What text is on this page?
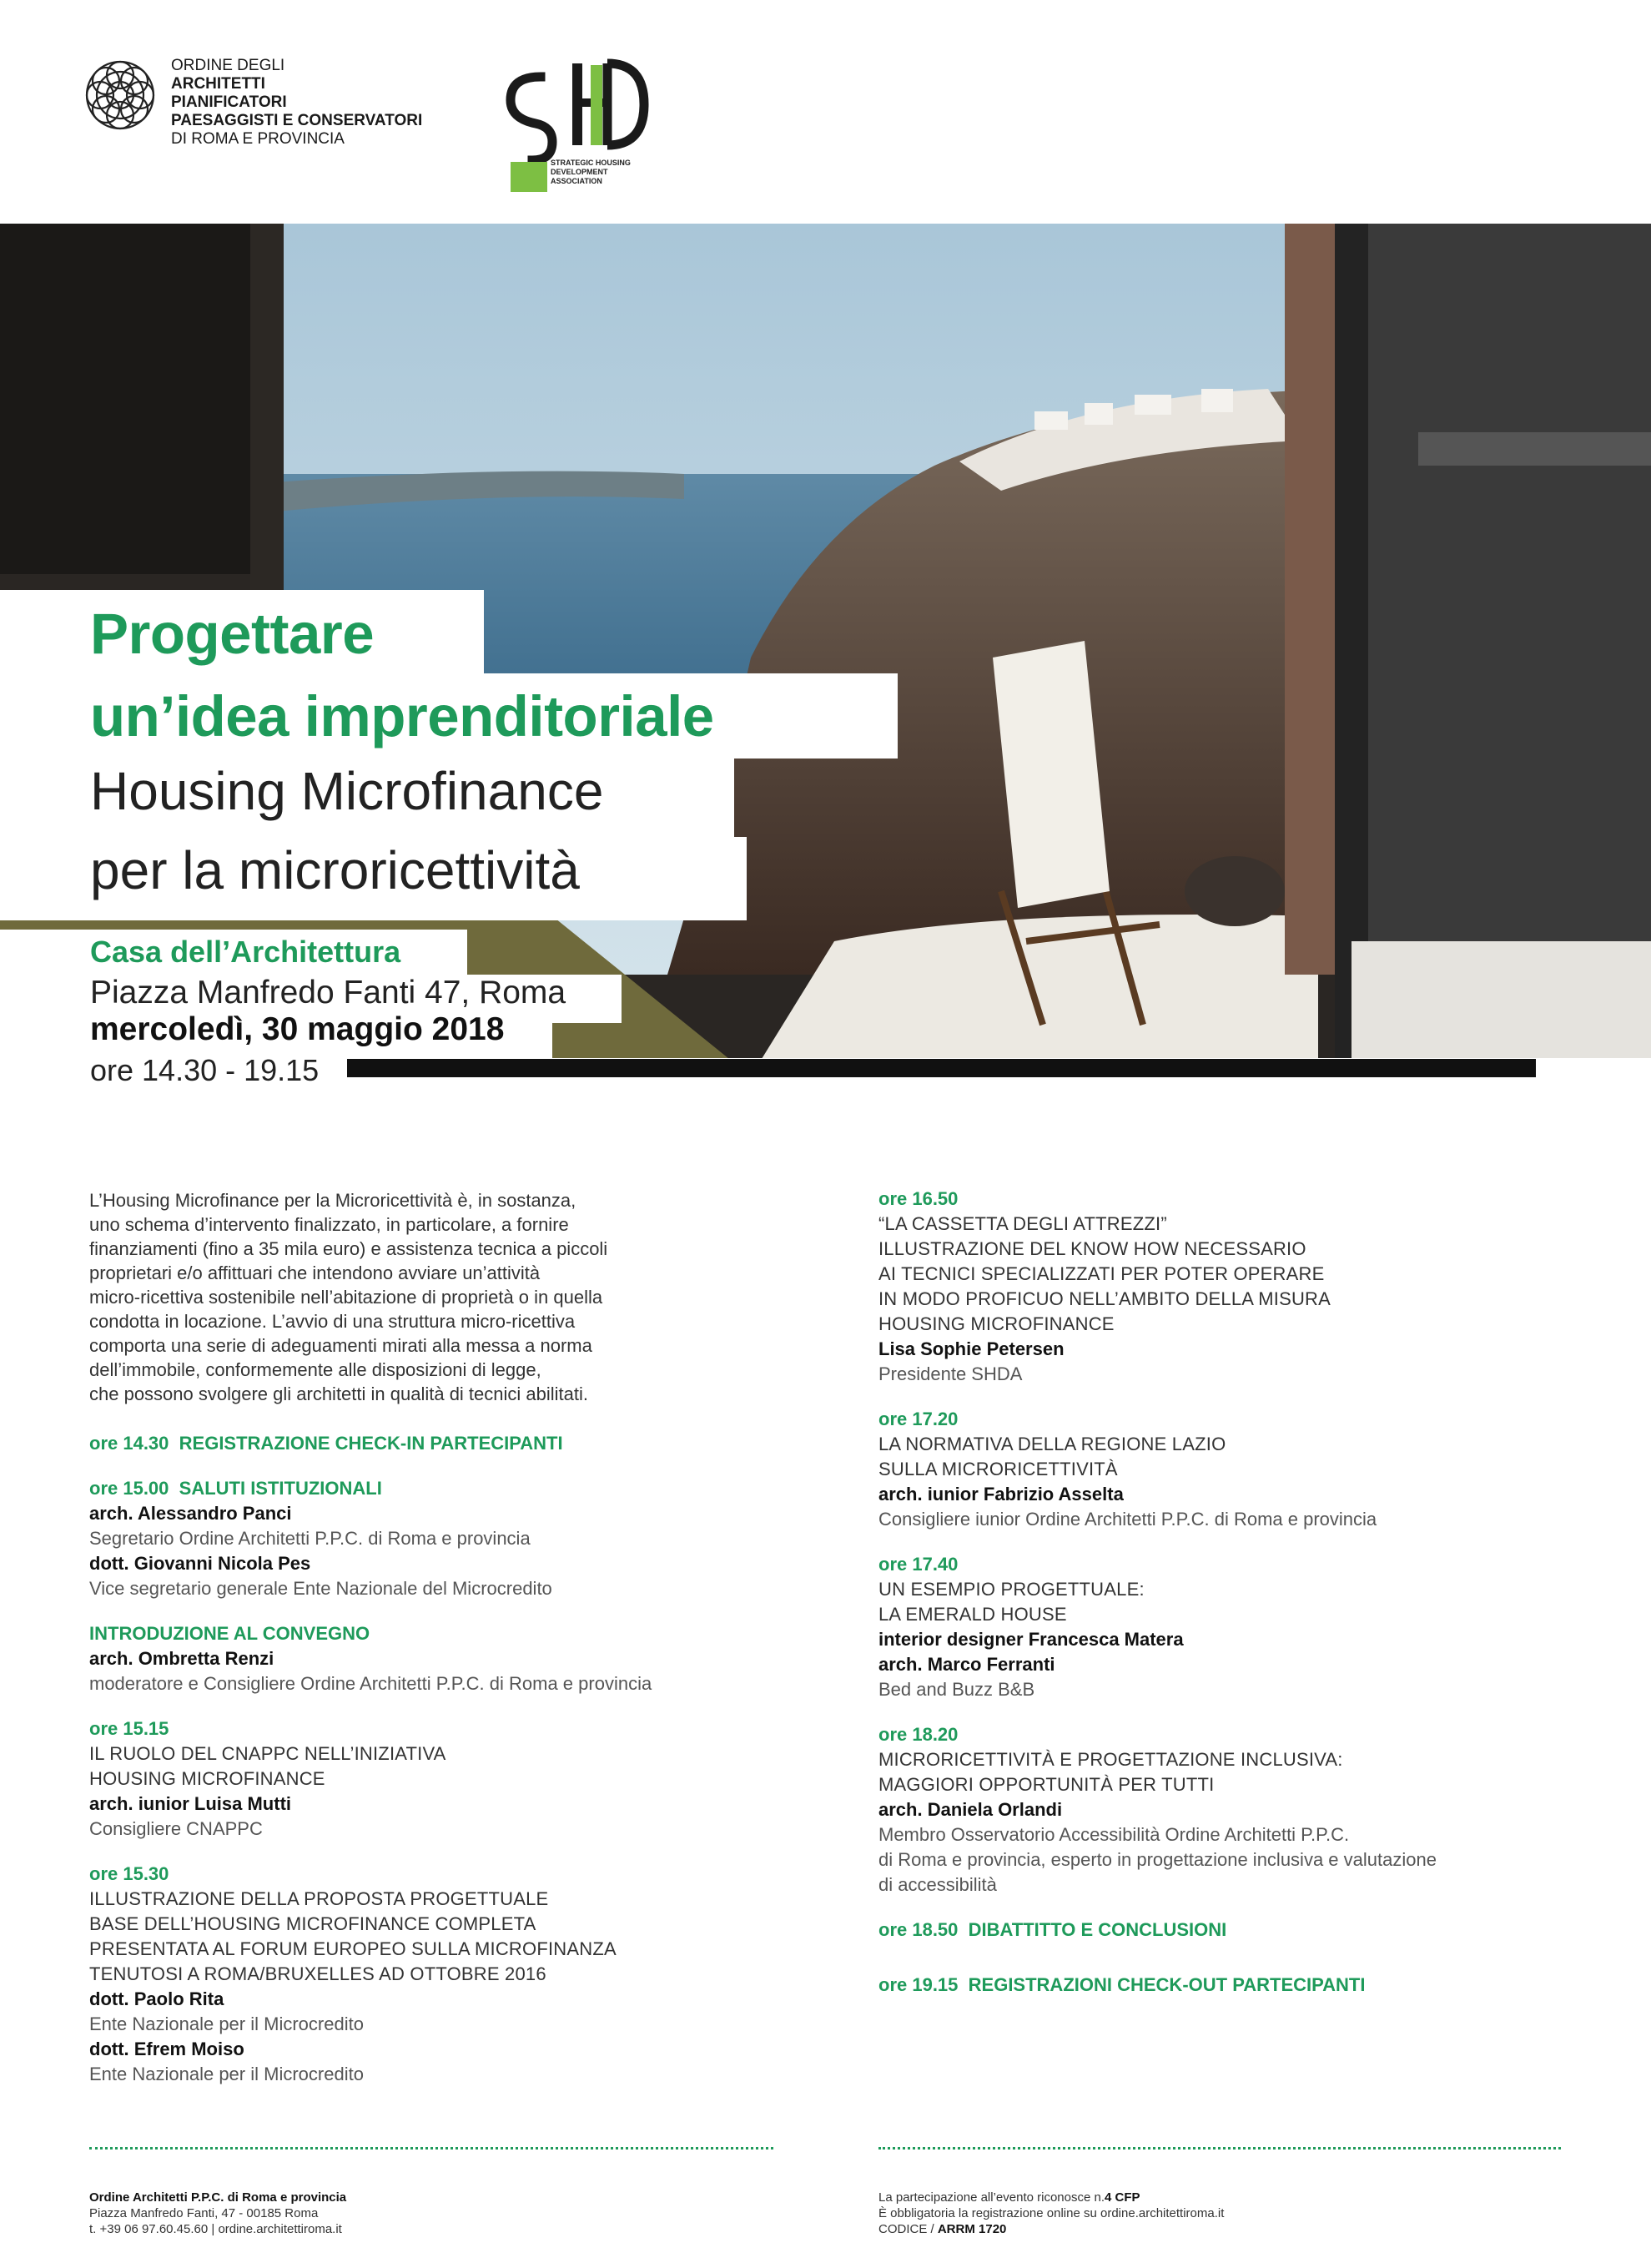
ORDINE DEGLI
ARCHITETTI
PIANIFICATORI
PAESAGGISTI E CONSERVATORI
DI ROMA E PROVINCIA
STRATEGIC HOUSING
DEVELOPMENT
ASSOCIATION
design studio dca
Progettare
un’idea imprenditoriale
Housing Microfinance
per la microricettività
Casa dell’Architettura
Piazza Manfredo Fanti 47, Roma
mercoledì, 30 maggio 2018
ore 14.30 - 19.15
L’Housing Microfinance per la Microricettività è, in sostanza,
uno schema d’intervento finalizzato, in particolare, a fornire
finanziamenti (fino a 35 mila euro) e assistenza tecnica a piccoli
proprietari e/o affittuari che intendono avviare un’attività
micro-ricettiva sostenibile nell’abitazione di proprietà o in quella
condotta in locazione. L’avvio di una struttura micro-ricettiva
comporta una serie di adeguamenti mirati alla messa a norma
dell’immobile, conformemente alle disposizioni di legge,
che possono svolgere gli architetti in qualità di tecnici abilitati.
ore 14.30 REGISTRAZIONE CHECK-IN PARTECIPANTI
ore 15.00 SALUTI ISTITUZIONALI
arch. Alessandro Panci
Segretario Ordine Architetti P.P.C. di Roma e provincia
dott. Giovanni Nicola Pes
Vice segretario generale Ente Nazionale del Microcredito
INTRODUZIONE AL CONVEGNO
arch. Ombretta Renzi
moderatore e Consigliere Ordine Architetti P.P.C. di Roma e provincia
ore 15.15
IL RUOLO DEL CNAPPC NELL’INIZIATIVA
HOUSING MICROFINANCE
arch. iunior Luisa Mutti
Consigliere CNAPPC
ore 15.30
ILLUSTRAZIONE DELLA PROPOSTA PROGETTUALE
BASE DELL’HOUSING MICROFINANCE COMPLETA
PRESENTATA AL FORUM EUROPEO SULLA MICROFINANZA
TENUTOSI A ROMA/BRUXELLES AD OTTOBRE 2016
dott. Paolo Rita
Ente Nazionale per il Microcredito
dott. Efrem Moiso
Ente Nazionale per il Microcredito
ore 16.50
“LA CASSETTA DEGLI ATTREZZI”
ILLUSTRAZIONE DEL KNOW HOW NECESSARIO
AI TECNICI SPECIALIZZATI PER POTER OPERARE
IN MODO PROFICUO NELL’AMBITO DELLA MISURA
HOUSING MICROFINANCE
Lisa Sophie Petersen
Presidente SHDA
ore 17.20
LA NORMATIVA DELLA REGIONE LAZIO
SULLA MICRORICETTIVITÀ
arch. iunior Fabrizio Asselta
Consigliere iunior Ordine Architetti P.P.C. di Roma e provincia
ore 17.40
UN ESEMPIO PROGETTUALE:
LA EMERALD HOUSE
interior designer Francesca Matera
arch. Marco Ferranti
Bed and Buzz B&B
ore 18.20
MICRORICETTIVITÀ E PROGETTAZIONE INCLUSIVA:
MAGGIORI OPPORTUNITÀ PER TUTTI
arch. Daniela Orlandi
Membro Osservatorio Accessibilità Ordine Architetti P.P.C.
di Roma e provincia, esperto in progettazione inclusiva e valutazione
di accessibilità
ore 18.50 DIBATTITTO E CONCLUSIONI
ore 19.15 REGISTRAZIONI CHECK-OUT PARTECIPANTI
Ordine Architetti P.P.C. di Roma e provincia
Piazza Manfredo Fanti, 47 - 00185 Roma
t. +39 06 97.60.45.60 | ordine.architettiroma.it
La partecipazione all’evento riconosce n.4 CFP
È obbligatoria la registrazione online su ordine.architettiroma.it
CODICE / ARRM 1720
